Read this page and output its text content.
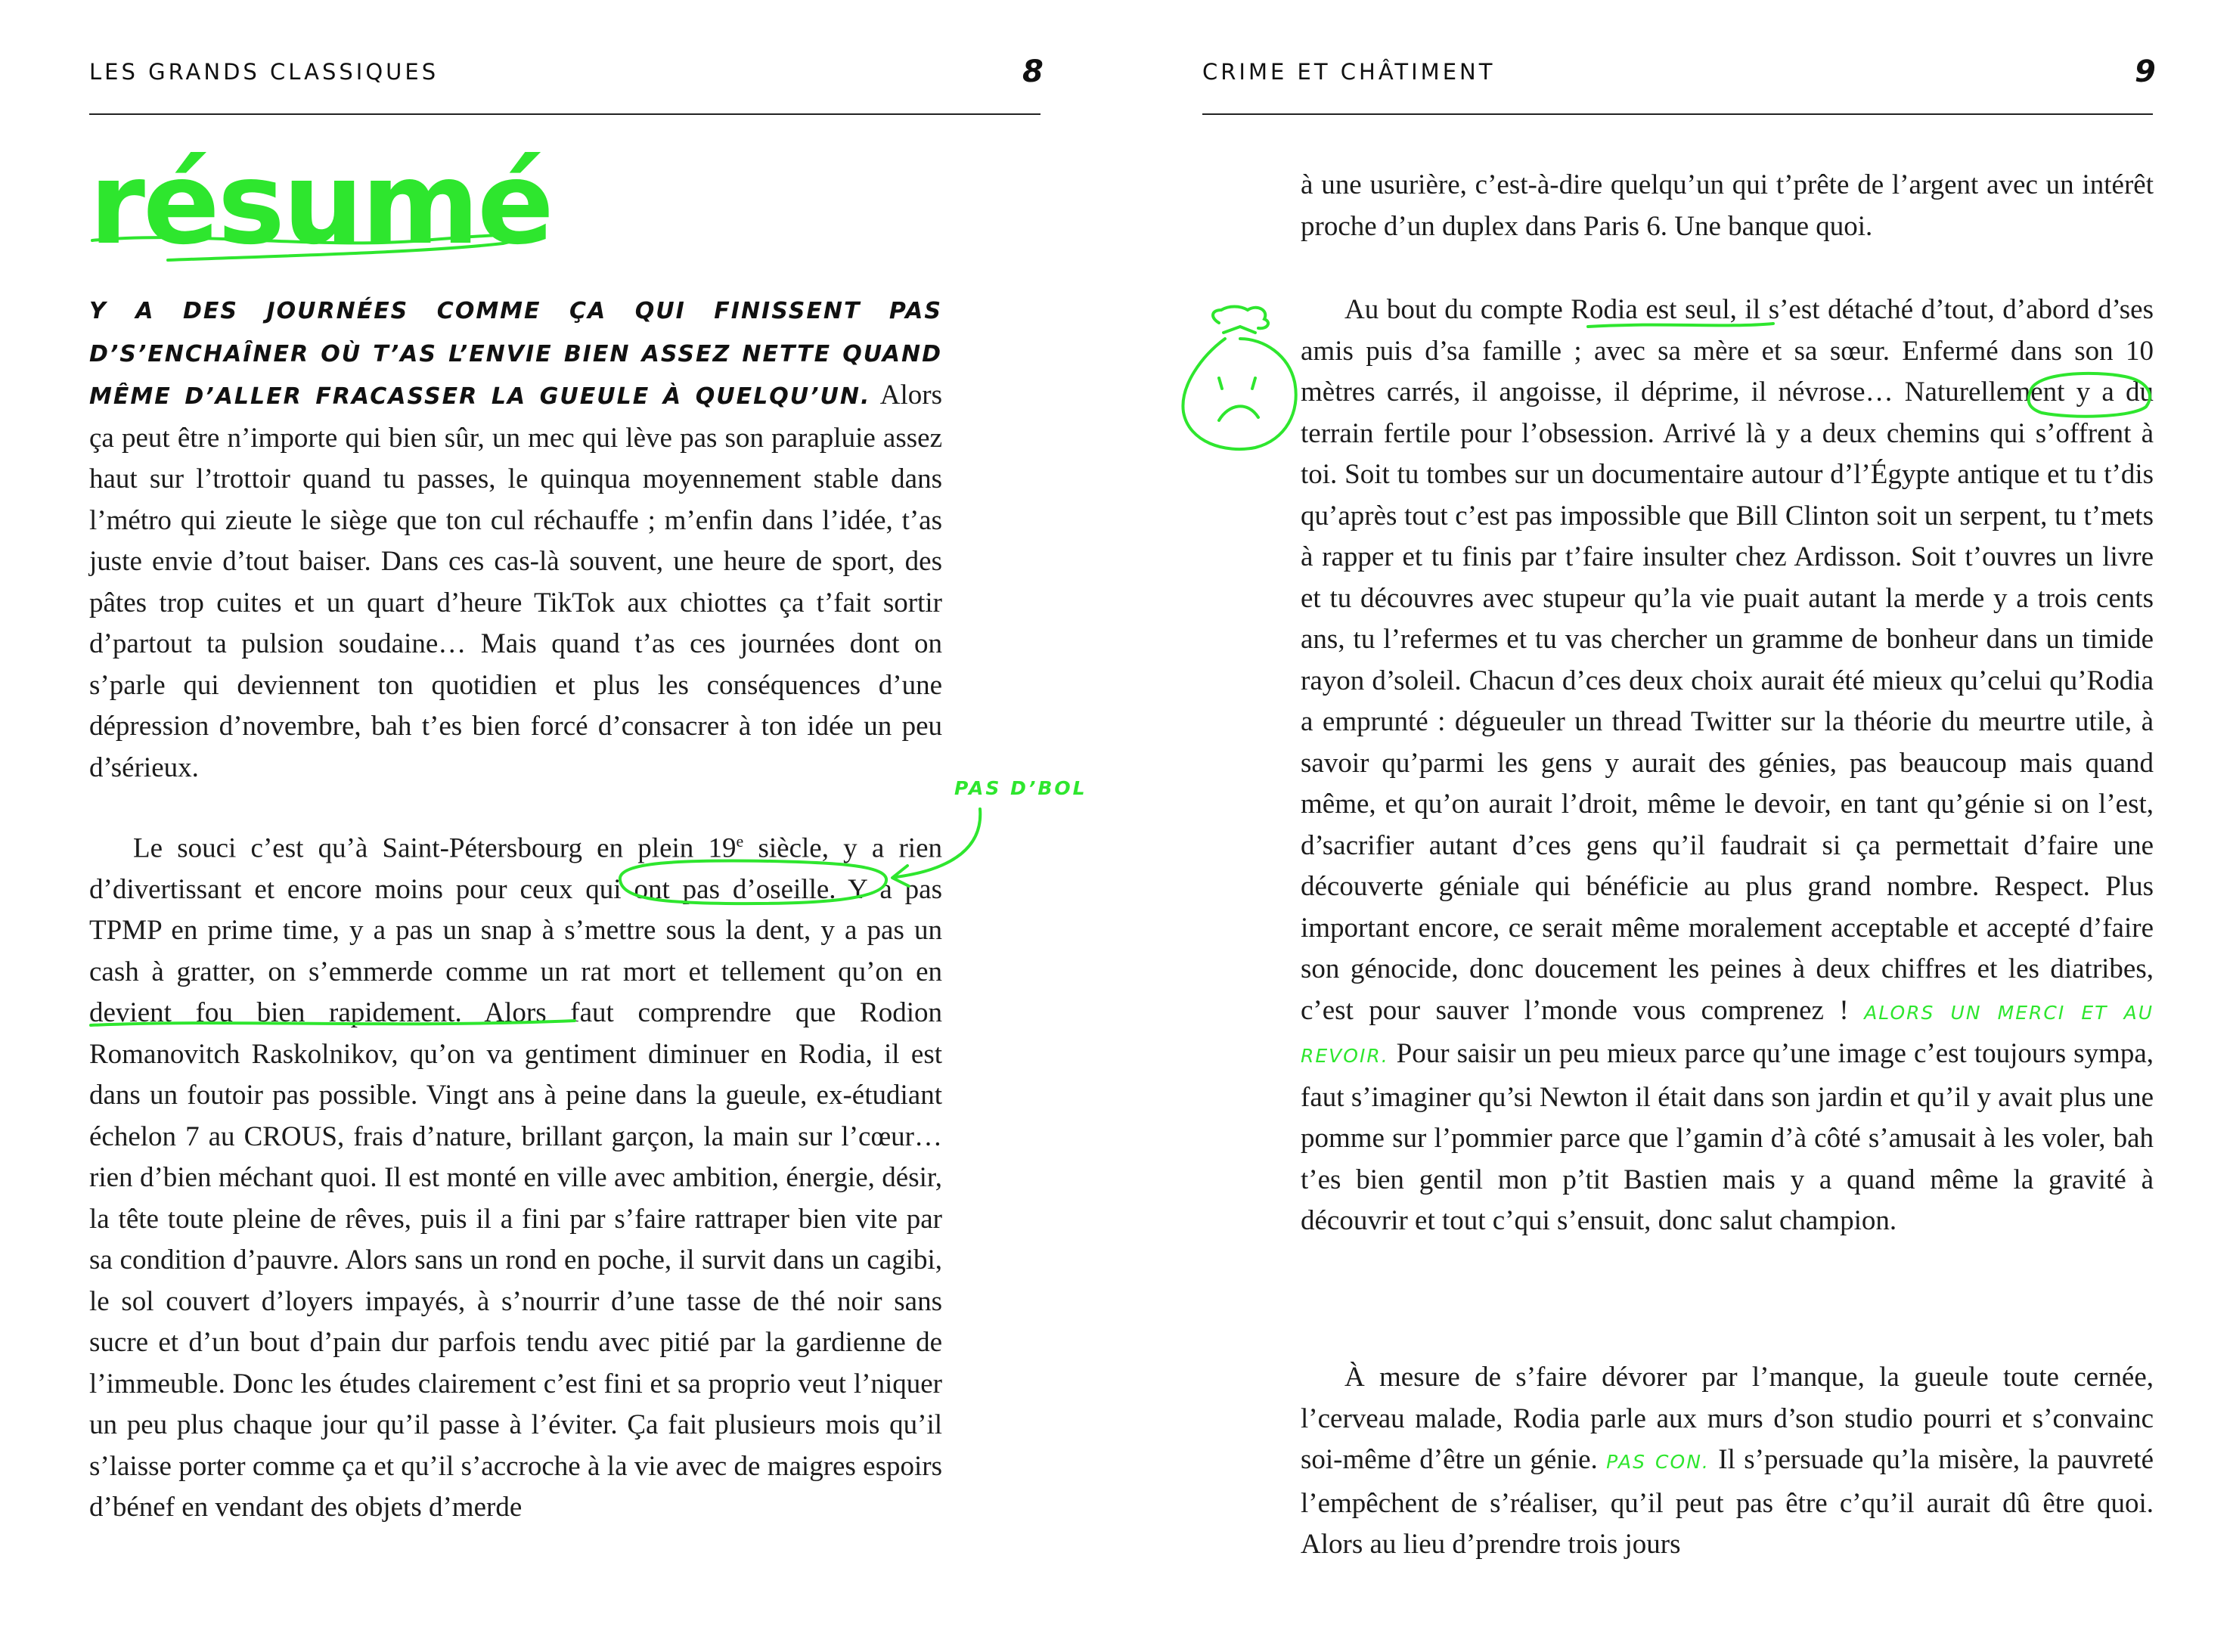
LES GRANDS CLASSIQUES	8
résumé

Y A DES JOURNÉES COMME ÇA QUI FINISSENT PAS D’S’ENCHAÎNER OÙ T’AS L’ENVIE BIEN ASSEZ NETTE QUAND MÊME D’ALLER FRACASSER LA GUEULE À QUELQU’UN. Alors ça peut être n’importe qui bien sûr, un mec qui lève pas son parapluie assez haut sur l’trottoir quand tu passes, le quinqua moyennement stable dans l’métro qui zieute le siège que ton cul réchauffe ; m’enfin dans l’idée, t’as juste envie d’tout baiser. Dans ces cas-là souvent, une heure de sport, des pâtes trop cuites et un quart d’heure TikTok aux chiottes ça t’fait sortir d’partout ta pulsion soudaine… Mais quand t’as ces journées dont on s’parle qui deviennent ton quotidien et plus les conséquences d’une dépression d’novembre, bah t’es bien forcé d’consacrer à ton idée un peu d’sérieux.

Le souci c’est qu’à Saint-Pétersbourg en plein 19e siècle, y a rien d’divertissant et encore moins pour ceux qui ont pas d’oseille. Y a pas TPMP en prime time, y a pas un snap à s’mettre sous la dent, y a pas un cash à gratter, on s’emmerde comme un rat mort et tellement qu’on en devient fou bien rapidement. Alors faut comprendre que Rodion Romanovitch Raskolnikov, qu’on va gentiment diminuer en Rodia, il est dans un foutoir pas possible. Vingt ans à peine dans la gueule, ex-étudiant échelon 7 au CROUS, frais d’nature, brillant garçon, la main sur l’cœur… rien d’bien méchant quoi. Il est monté en ville avec ambition, énergie, désir, la tête toute pleine de rêves, puis il a fini par s’faire rattraper bien vite par sa condition d’pauvre. Alors sans un rond en poche, il survit dans un cagibi, le sol couvert d’loyers impayés, à s’nourrir d’une tasse de thé noir sans sucre et d’un bout d’pain dur parfois tendu avec pitié par la gardienne de l’immeuble. Donc les études clairement c’est fini et sa proprio veut l’niquer un peu plus chaque jour qu’il passe à l’éviter. Ça fait plusieurs mois qu’il s’laisse porter comme ça et qu’il s’accroche à la vie avec de maigres espoirs d’bénef en vendant des objets d’merde

PAS D’BOL
CRIME ET CHÂTIMENT	9

à une usurière, c’est-à-dire quelqu’un qui t’prête de l’argent avec un intérêt proche d’un duplex dans Paris 6. Une banque quoi.

Au bout du compte Rodia est seul, il s’est détaché d’tout, d’abord d’ses amis puis d’sa famille ; avec sa mère et sa sœur. Enfermé dans son 10 mètres carrés, il angoisse, il déprime, il névrose… Naturellement y a du terrain fertile pour l’obsession. Arrivé là y a deux chemins qui s’offrent à toi. Soit tu tombes sur un documentaire autour d’l’Égypte antique et tu t’dis qu’après tout c’est pas impossible que Bill Clinton soit un serpent, tu t’mets à rapper et tu finis par t’faire insulter chez Ardisson. Soit t’ouvres un livre et tu découvres avec stupeur qu’la vie puait autant la merde y a trois cents ans, tu l’refermes et tu vas chercher un gramme de bonheur dans un timide rayon d’soleil. Chacun d’ces deux choix aurait été mieux qu’celui qu’Rodia a emprunté : dégueuler un thread Twitter sur la théorie du meurtre utile, à savoir qu’parmi les gens y aurait des génies, pas beaucoup mais quand même, et qu’on aurait l’droit, même le devoir, en tant qu’génie si on l’est, d’sacrifier autant d’ces gens qu’il faudrait si ça permettait d’faire une découverte géniale qui bénéficie au plus grand nombre. Respect. Plus important encore, ce serait même moralement acceptable et accepté d’faire son génocide, donc doucement les peines à deux chiffres et les diatribes, c’est pour sauver l’monde vous comprenez ! ALORS UN MERCI ET AU REVOIR. Pour saisir un peu mieux parce qu’une image c’est toujours sympa, faut s’imaginer qu’si Newton il était dans son jardin et qu’il y avait plus une pomme sur l’pommier parce que l’gamin d’à côté s’amusait à les voler, bah t’es bien gentil mon p’tit Bastien mais y a quand même la gravité à découvrir et tout c’qui s’ensuit, donc salut champion.

À mesure de s’faire dévorer par l’manque, la gueule toute cernée, l’cerveau malade, Rodia parle aux murs d’son studio pourri et s’convainc soi-même d’être un génie. PAS CON. Il s’persuade qu’la misère, la pauvreté l’empêchent de s’réaliser, qu’il peut pas être c’qu’il aurait dû être quoi. Alors au lieu d’prendre trois jours
